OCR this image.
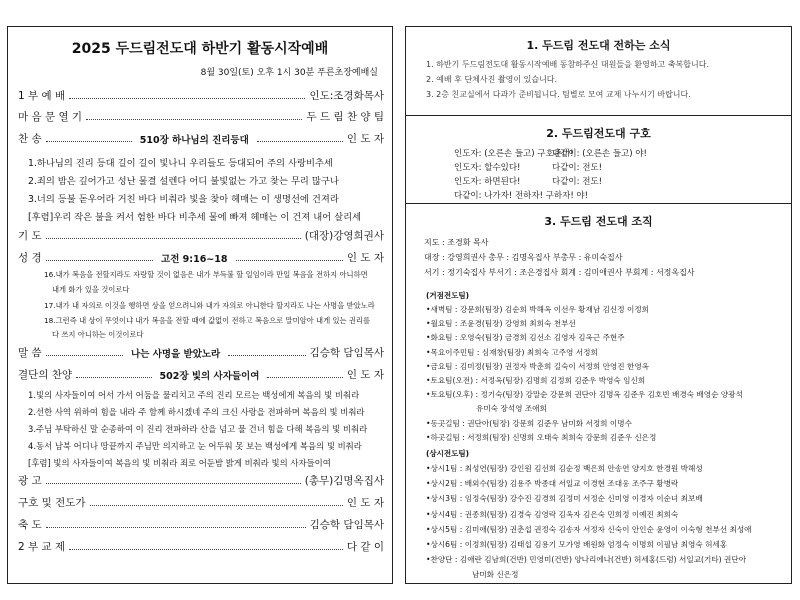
2025 두드림전도대 하반기 활동시작예배
8월 30일(토) 오후 1시 30분 푸른초장예배실
1 부 예 배	인도:조경화목사
마 음 문 열 기	두 드 림 찬 양 팀
찬 송	510장 하나님의 진리등대	인 도 자
기 도	(대장)강영희권사
성 경	고전 9:16~18	인 도 자
말 씀	나는 사명을 받았노라	김승학 담임목사
결단의 찬양	502장 빛의 사자들이여	인 도 자
광 고	(총무)김명옥집사
구호 및 전도가	인 도 자
축 도	김승학 담임목사
2 부 교 제	다 같 이
1.하나님의 진리 등대 길이 길이 빛나니 우리들도 등대되어 주의 사랑비추세
2.죄의 밤은 깊어가고 성난 물결 설렌다 어디 불빛없는 가고 찾는 무리 많구나
3.너의 등불 돋우어라 거친 바다 비춰라 빛을 찾아 헤매는 이 생명선에 건져라
[후렴]우리 작은 불을 켜서 험한 바다 비추세 물에 빠져 헤매는 이 건져 내어 살리세
16.내가 복음을 전할지라도 자랑할 것이 없음은 내가 부득불 할 일임이라 만일 복음을 전하지 아니하면
내게 화가 있을 것이로다
17.내가 내 자의로 이것을 행하면 상을 얻으려니와 내가 자의로 아니한다 할지라도 나는 사명을 받았노라
18.그런즉 내 상이 무엇이냐 내가 복음을 전할 때에 값없이 전하고 복음으로 말미암아 내게 있는 권리를
다 쓰지 아니하는 이것이로다
1.빛의 사자들이여 어서 가서 어둠을 물리치고 주의 진리 모르는 백성에게 복음의 빛 비춰라
2.선한 사역 위하여 힘을 내라 주 함께 하시겠네 주의 크신 사랑을 전파하며 복음의 빛 비춰라
3.주님 부탁하신 말 순종하여 이 진리 전파하라 산을 넘고 물 건너 힘을 다해 복음의 빛 비춰라
4.동서 남북 어디나 땅끝까지 주님만 의지하고 눈 어두워 못 보는 백성에게 복음의 빛 비춰라
[후렴] 빛의 사자들이여 복음의 빛 비춰라 죄로 어둔밤 밝게 비춰라 빛의 사자들이여
1. 두드림 전도대 전하는 소식
1. 하반기 두드림전도대 활동시작예배 동참하주신 대원들을 환영하고 축복합니다.
2. 예배 후 단체사진 촬영이 있습니다.
3. 2층 친교실에서 다과가 준비됩니다. 팀별로 모여 교제 나누시기 바랍니다.
2. 두드림전도대 구호
인도자: (오른손 들고) 구호준비!
다같이: (오른손 들고) 야!
인도자: 할수있다!	다같이: 전도!
인도자: 하면된다!	다같이: 전도!
다같이: 나가자! 전하자! 구하자! 야!
3. 두드림 전도대 조직
지도 : 조경화 목사
대장 : 강영희권사 총무 : 김명옥집사 부총무 : 유미숙집사
서기 : 정기숙집사 부서기 : 조은경집사 회계 : 김미애권사 부회계 : 서정옥집사
(거점전도팀)
•새벽팀 : 강문희(팀장) 김순희 박해옥 이선우 황재남 김신정 이정희
•월요팀 : 조윤경(팀장) 강영희 최희숙 천부선
•화요팀 : 오영숙(팀장) 금경희 김선소 김영자 김옥근 주현주
•목요이주민팀 : 심재창(팀장) 최희숙 고주영 서정희
•금요팀 : 김미정(팀장) 권정자 박춘희 길숙이 서정희 안영진 한영옥
•토요팀(오전) : 서정옥(팀장) 김명희 김정희 김준우 박영숙 임신희
•토요팀(오후) : 정기숙(팀장) 강말순 강문희 권단아 김명옥 김준우 김호빈 배경숙 배영순 양광석
유미숙 장석영 조애희
•동곳길팀 : 권단아(팀장) 강문희 김준우 남미화 서정희 이명수
•하곳길팀 : 서정희(팀장) 신명희 오태숙 최희숙 강문희 김준우 신은정
(상시전도팀)
•상시1팀 : 최성연(팀장) 강인원 김선희 김순정 백은희 안송연 양지호 한경원 박해성
•상시2팀 : 배외수(팀장) 김용주 박종대 서일교 이경현 조대웅 조주구 황병락
•상시3팀 : 임정숙(팀장) 강수진 김경희 김정미 서정순 신미영 이경자 이순녀 최보배
•상시4팀 : 권종희(팀장) 김경숙 김영락 김옥자 김은숙 민희정 이예진 최희숙
•상시5팀 : 김미애(팀장) 권춘섭 권정숙 김송자 서정자 신숙이 안인순 윤영이 이숙형 천부선 최성애
•상시6팀 : 이정희(팀장) 김태섭 김용기 모가영 배원화 엄정숙 이명희 이필남 최영숙 허세홍
•찬양단 : 김애란 김남희(건반) 민영미(건반) 양나리에나(건반) 허세홍(드럼) 서일교(기타) 권단아
남미화 신은정
